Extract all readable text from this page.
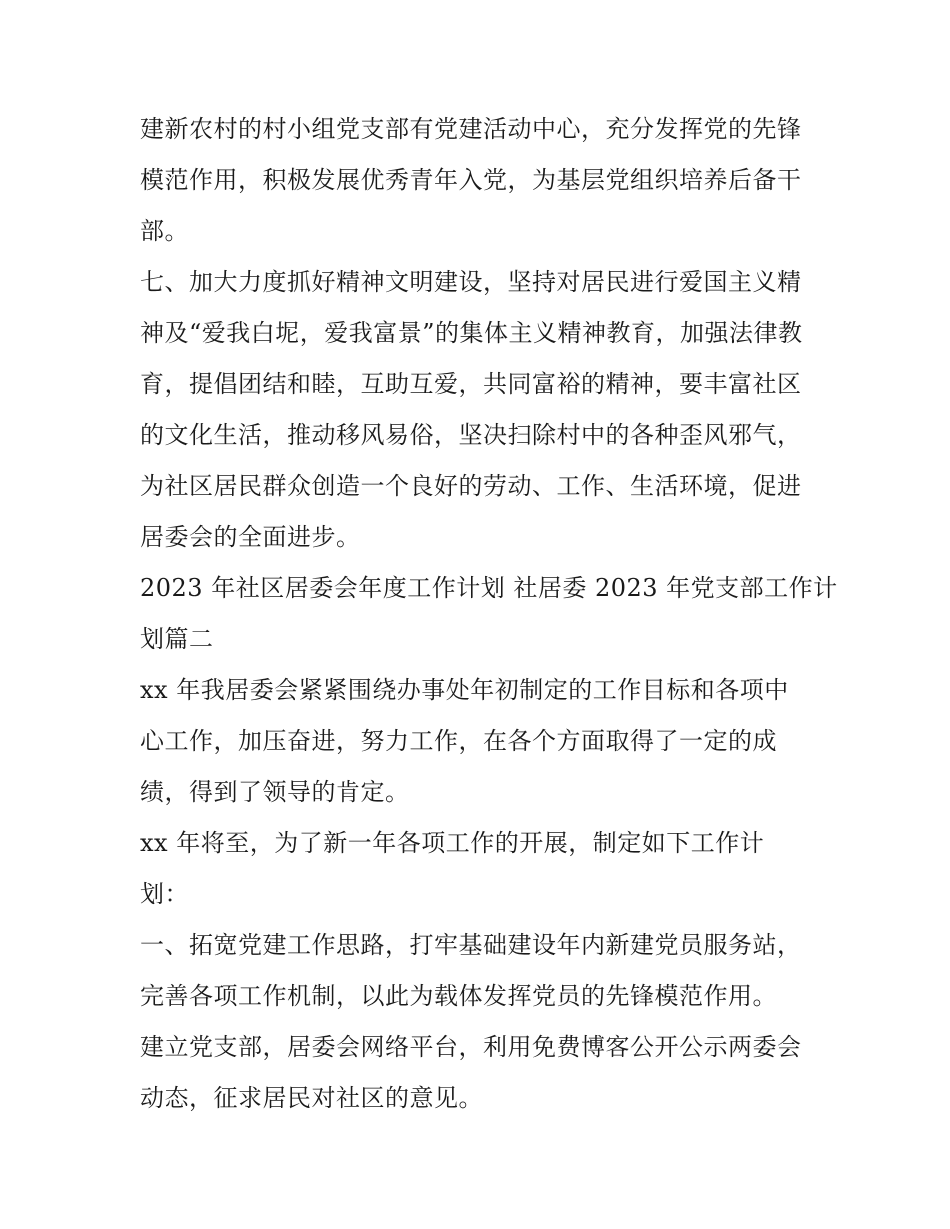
建新农村的村小组党支部有党建活动中心，充分发挥党的先锋
模范作用，积极发展优秀青年入党，为基层党组织培养后备干
部。
七、加大力度抓好精神文明建设，坚持对居民进行爱国主义精
神及“爱我白坭，爱我富景”的集体主义精神教育，加强法律教
育，提倡团结和睦，互助互爱，共同富裕的精神，要丰富社区
的文化生活，推动移风易俗，坚决扫除村中的各种歪风邪气，
为社区居民群众创造一个良好的劳动、工作、生活环境，促进
居委会的全面进步。
2023 年社区居委会年度工作计划 社居委 2023 年党支部工作计
划篇二
xx 年我居委会紧紧围绕办事处年初制定的工作目标和各项中
心工作，加压奋进，努力工作，在各个方面取得了一定的成
绩，得到了领导的肯定。
xx 年将至，为了新一年各项工作的开展，制定如下工作计
划：
一、拓宽党建工作思路，打牢基础建设年内新建党员服务站，
完善各项工作机制，以此为载体发挥党员的先锋模范作用。
建立党支部，居委会网络平台，利用免费博客公开公示两委会
动态，征求居民对社区的意见。
